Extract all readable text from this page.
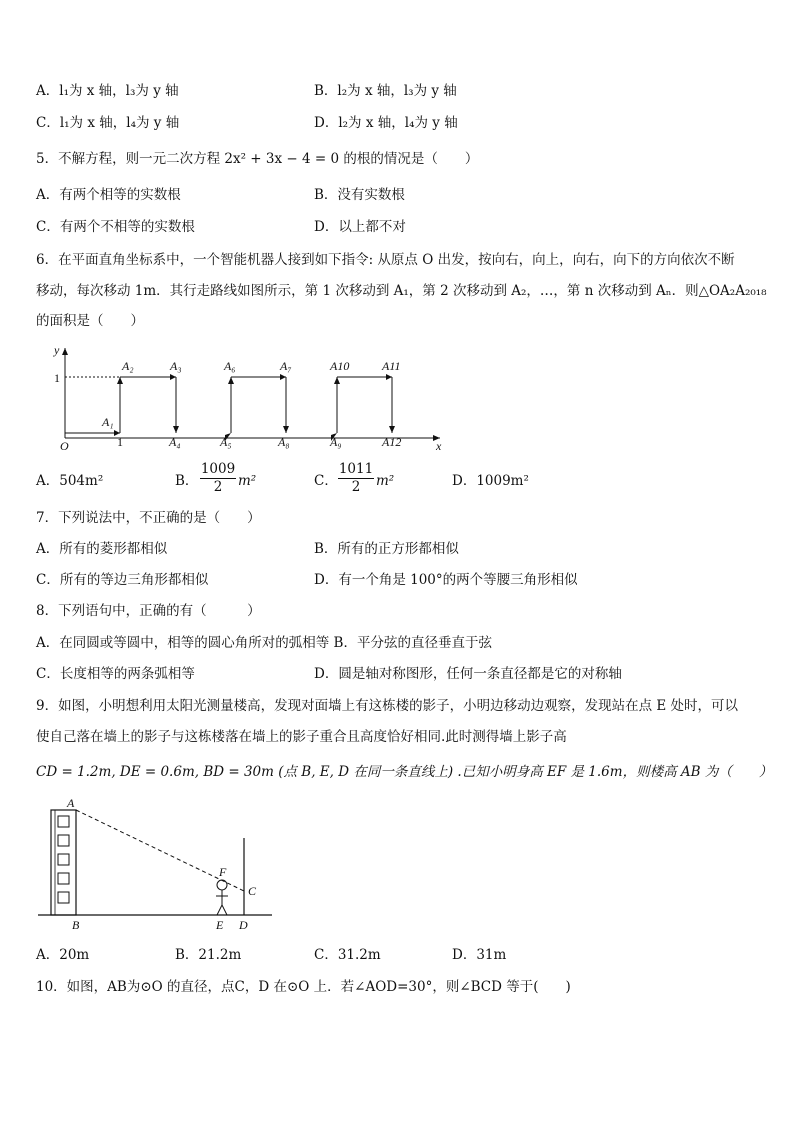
A．l₁为 x 轴，l₃为 y 轴	B．l₂为 x 轴，l₃为 y 轴
C．l₁为 x 轴，l₄为 y 轴	D．l₂为 x 轴，l₄为 y 轴
5．不解方程，则一元二次方程 2x² + 3x − 4 = 0 的根的情况是（　　）
A．有两个相等的实数根	B．没有实数根
C．有两个不相等的实数根	D．以上都不对
6．在平面直角坐标系中，一个智能机器人接到如下指令: 从原点 O 出发，按向右，向上，向右，向下的方向依次不断
移动，每次移动 1m．其行走路线如图所示，第 1 次移动到 A₁，第 2 次移动到 A₂，…，第 n 次移动到 Aₙ．则△OA₂A₂₀₁₈
的面积是（　　）
y
x
O
1
1
A₂	A₃	A₆	A₇	A10	A11
A₁
A₄	A₅	A₈	A₉	A12
A．504m²	B． $\frac{1009}{2} m^2$	C． $\frac{1011}{2} m^2$	D．1009m²
7．下列说法中，不正确的是（　　）
A．所有的菱形都相似	B．所有的正方形都相似
C．所有的等边三角形都相似	D．有一个角是 100°的两个等腰三角形相似
8．下列语句中，正确的有（　　　）
A．在同圆或等圆中，相等的圆心角所对的弧相等 B．平分弦的直径垂直于弦
C．长度相等的两条弧相等	D．圆是轴对称图形，任何一条直径都是它的对称轴
9．如图，小明想利用太阳光测量楼高，发现对面墙上有这栋楼的影子，小明边移动边观察，发现站在点 E 处时，可以
使自己落在墙上的影子与这栋楼落在墙上的影子重合且高度恰好相同.此时测得墙上影子高
CD = 1.2m, DE = 0.6m, BD = 30m (点 B, E, D 在同一条直线上) .已知小明身高 EF 是 1.6m，则楼高 AB 为（　　）
A
B
C
D
E
F
A．20m	B．21.2m	C．31.2m	D．31m
10．如图，AB为⊙O 的直径，点C，D 在⊙O 上．若∠AOD=30°，则∠BCD 等于(　　)
